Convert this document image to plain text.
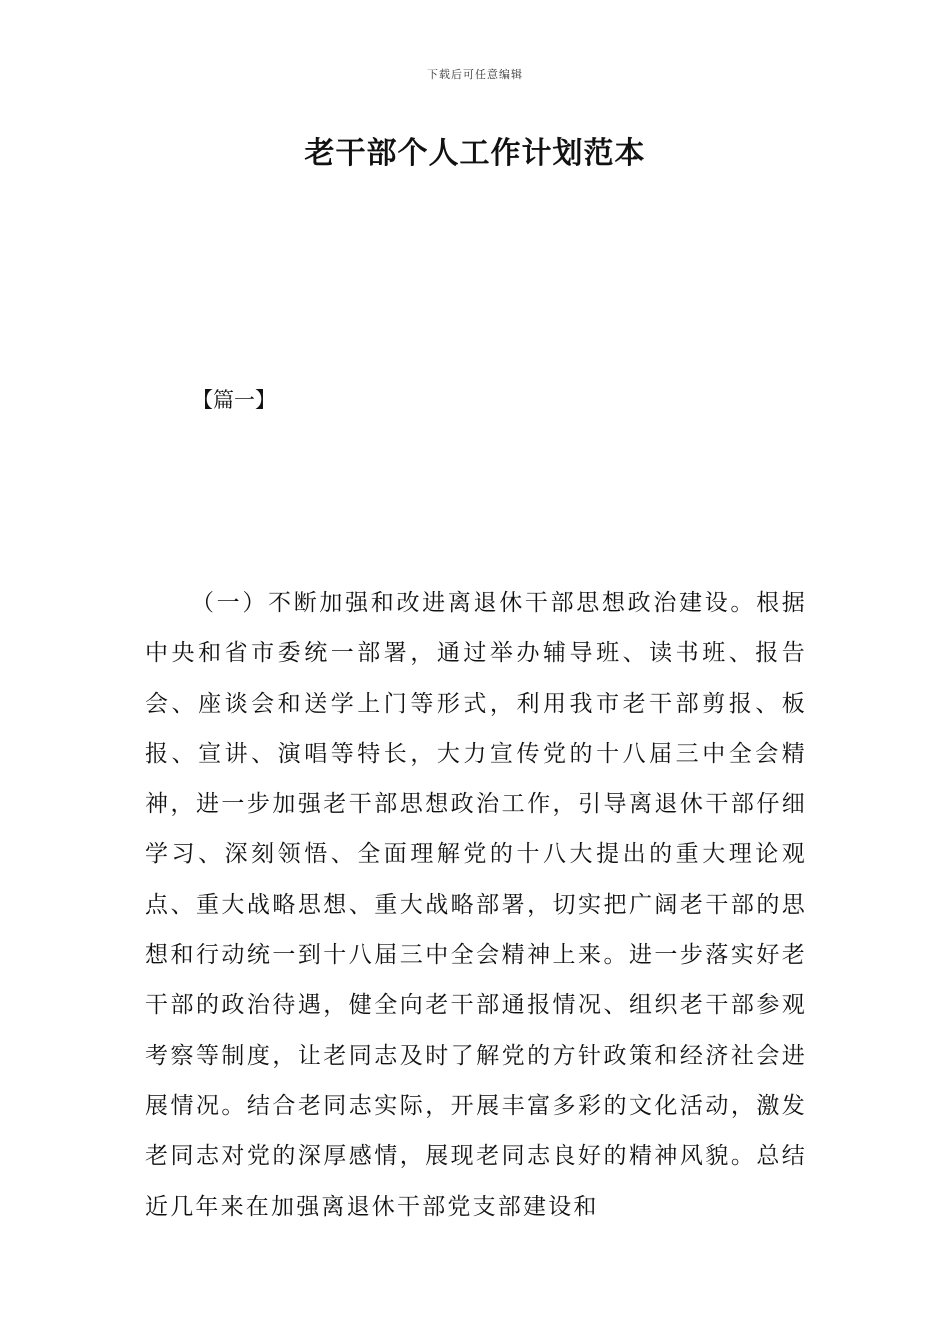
下载后可任意编辑
老干部个人工作计划范本
【篇一】

（一）不断加强和改进离退休干部思想政治建设。根据中央和省市委统一部署，通过举办辅导班、读书班、报告会、座谈会和送学上门等形式，利用我市老干部剪报、板报、宣讲、演唱等特长，大力宣传党的十八届三中全会精神，进一步加强老干部思想政治工作，引导离退休干部仔细学习、深刻领悟、全面理解党的十八大提出的重大理论观点、重大战略思想、重大战略部署，切实把广阔老干部的思想和行动统一到十八届三中全会精神上来。进一步落实好老干部的政治待遇，健全向老干部通报情况、组织老干部参观考察等制度，让老同志及时了解党的方针政策和经济社会进展情况。结合老同志实际，开展丰富多彩的文化活动，激发老同志对党的深厚感情，展现老同志良好的精神风貌。总结近几年来在加强离退休干部党支部建设和
